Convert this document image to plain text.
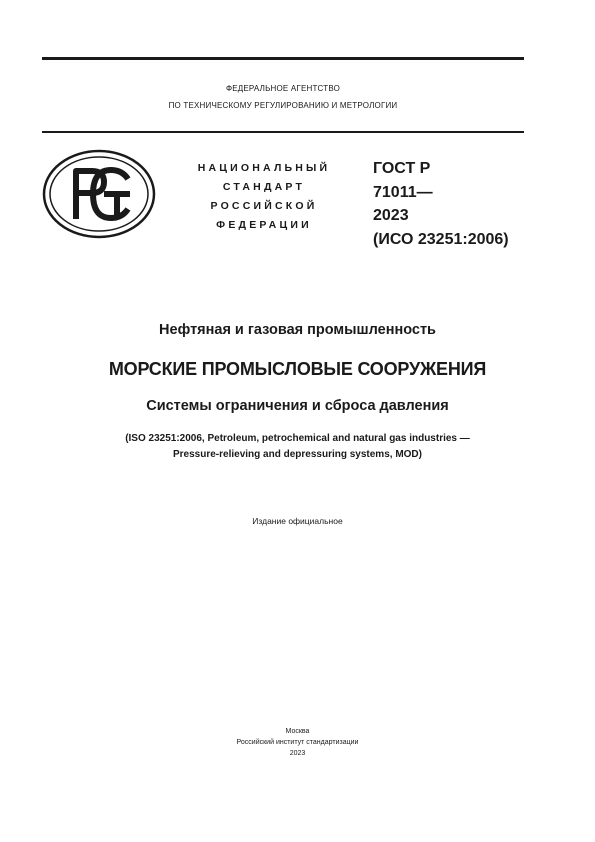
ФЕДЕРАЛЬНОЕ АГЕНТСТВО
ПО ТЕХНИЧЕСКОМУ РЕГУЛИРОВАНИЮ И МЕТРОЛОГИИ
НАЦИОНАЛЬНЫЙ
СТАНДАРТ
РОССИЙСКОЙ
ФЕДЕРАЦИИ
ГОСТ Р
71011—
2023
(ИСО 23251:2006)
Нефтяная и газовая промышленность
МОРСКИЕ ПРОМЫСЛОВЫЕ СООРУЖЕНИЯ
Системы ограничения и сброса давления
(ISO 23251:2006, Petroleum, petrochemical and natural gas industries —
Pressure-relieving and depressuring systems, MOD)
Издание официальное
Москва
Российский институт стандартизации
2023
